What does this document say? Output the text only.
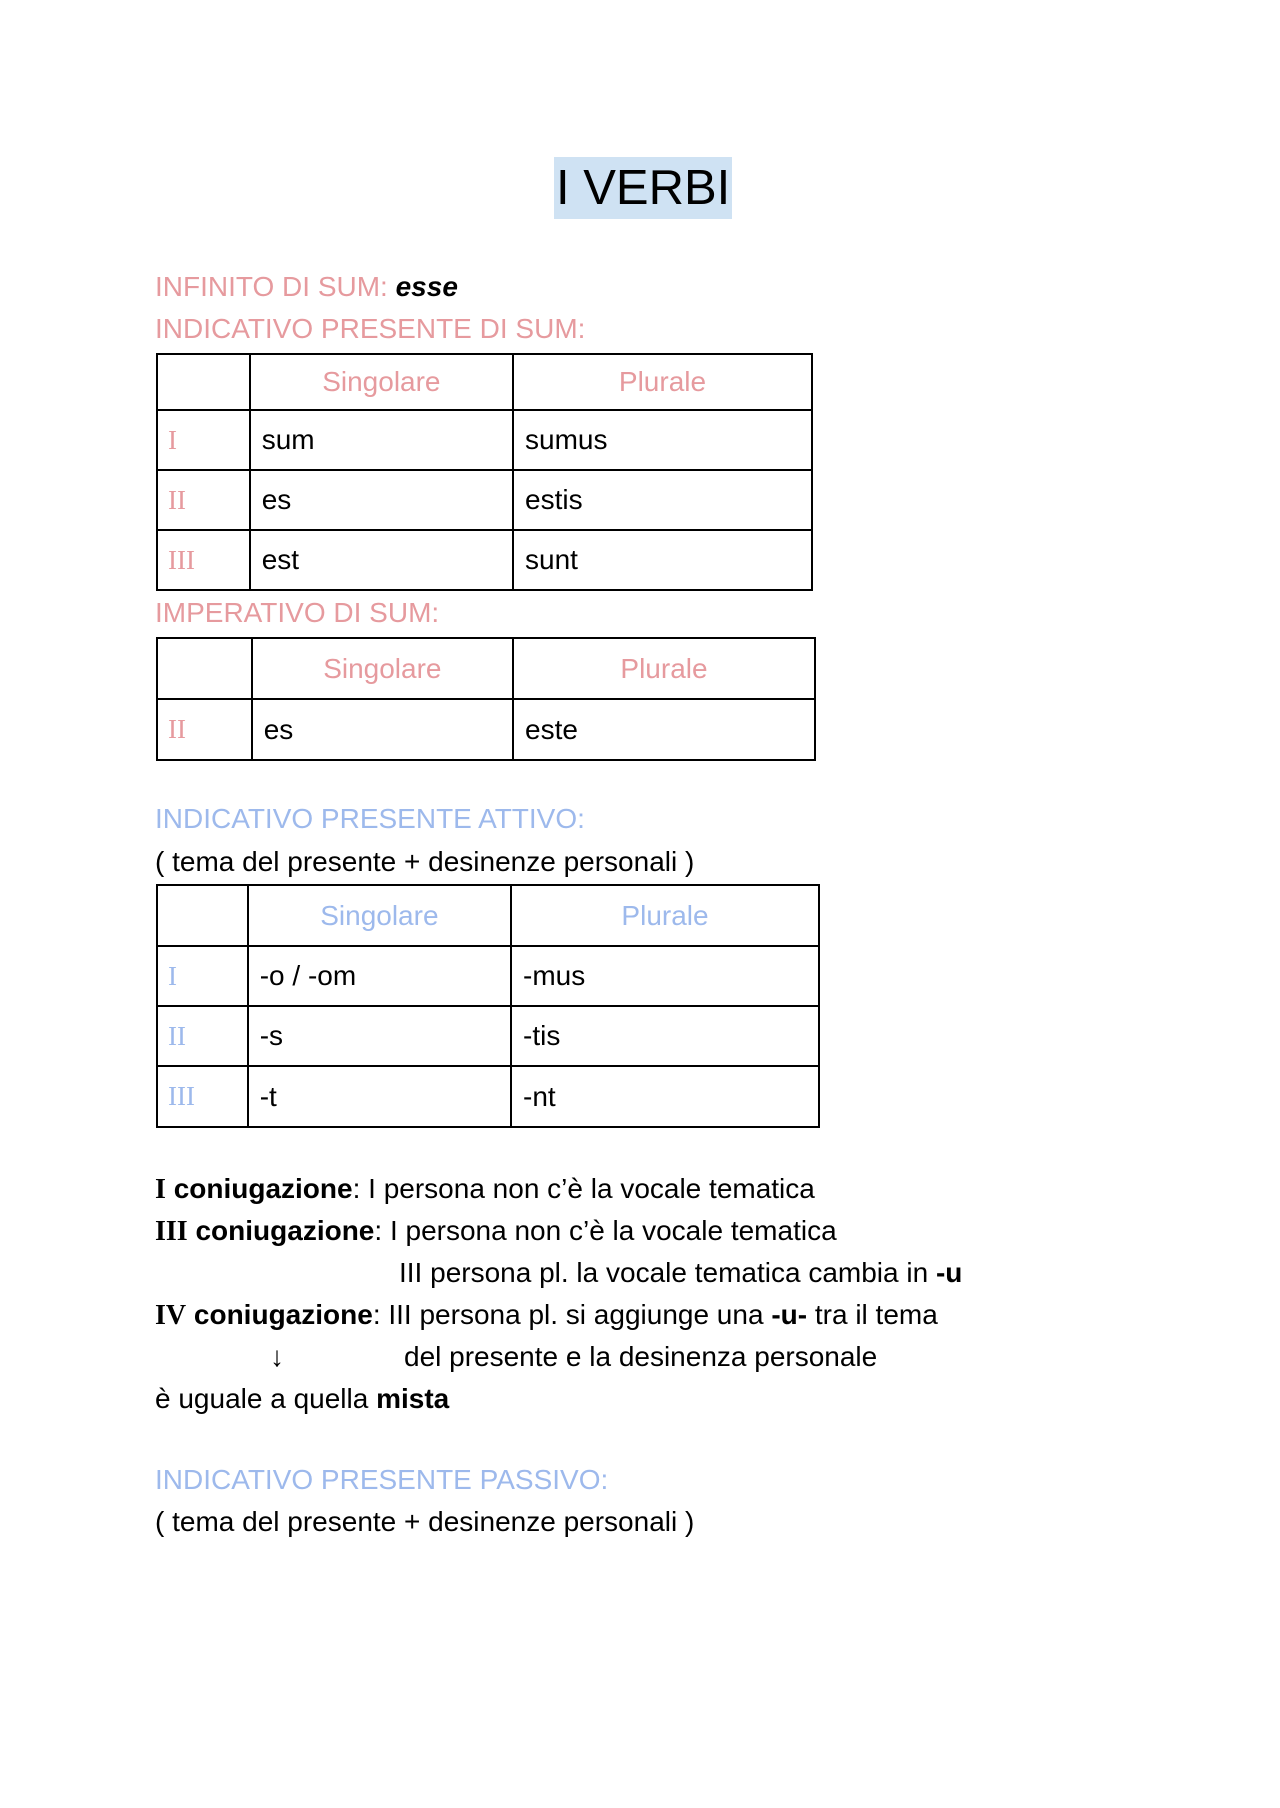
I VERBI
INFINITO DI SUM: esse
INDICATIVO PRESENTE DI SUM:
	Singolare	Plurale
I	sum	sumus
II	es	estis
III	est	sunt
IMPERATIVO DI SUM:
	Singolare	Plurale
II	es	este
INDICATIVO PRESENTE ATTIVO:
( tema del presente + desinenze personali )
	Singolare	Plurale
I	-o / -om	-mus
II	-s	-tis
III	-t	-nt
I coniugazione: I persona non c’è la vocale tematica
III coniugazione: I persona non c’è la vocale tematica
III persona pl. la vocale tematica cambia in -u
IV coniugazione: III persona pl. si aggiunge una -u- tra il tema
↓	del presente e la desinenza personale
è uguale a quella mista
INDICATIVO PRESENTE PASSIVO:
( tema del presente + desinenze personali )
